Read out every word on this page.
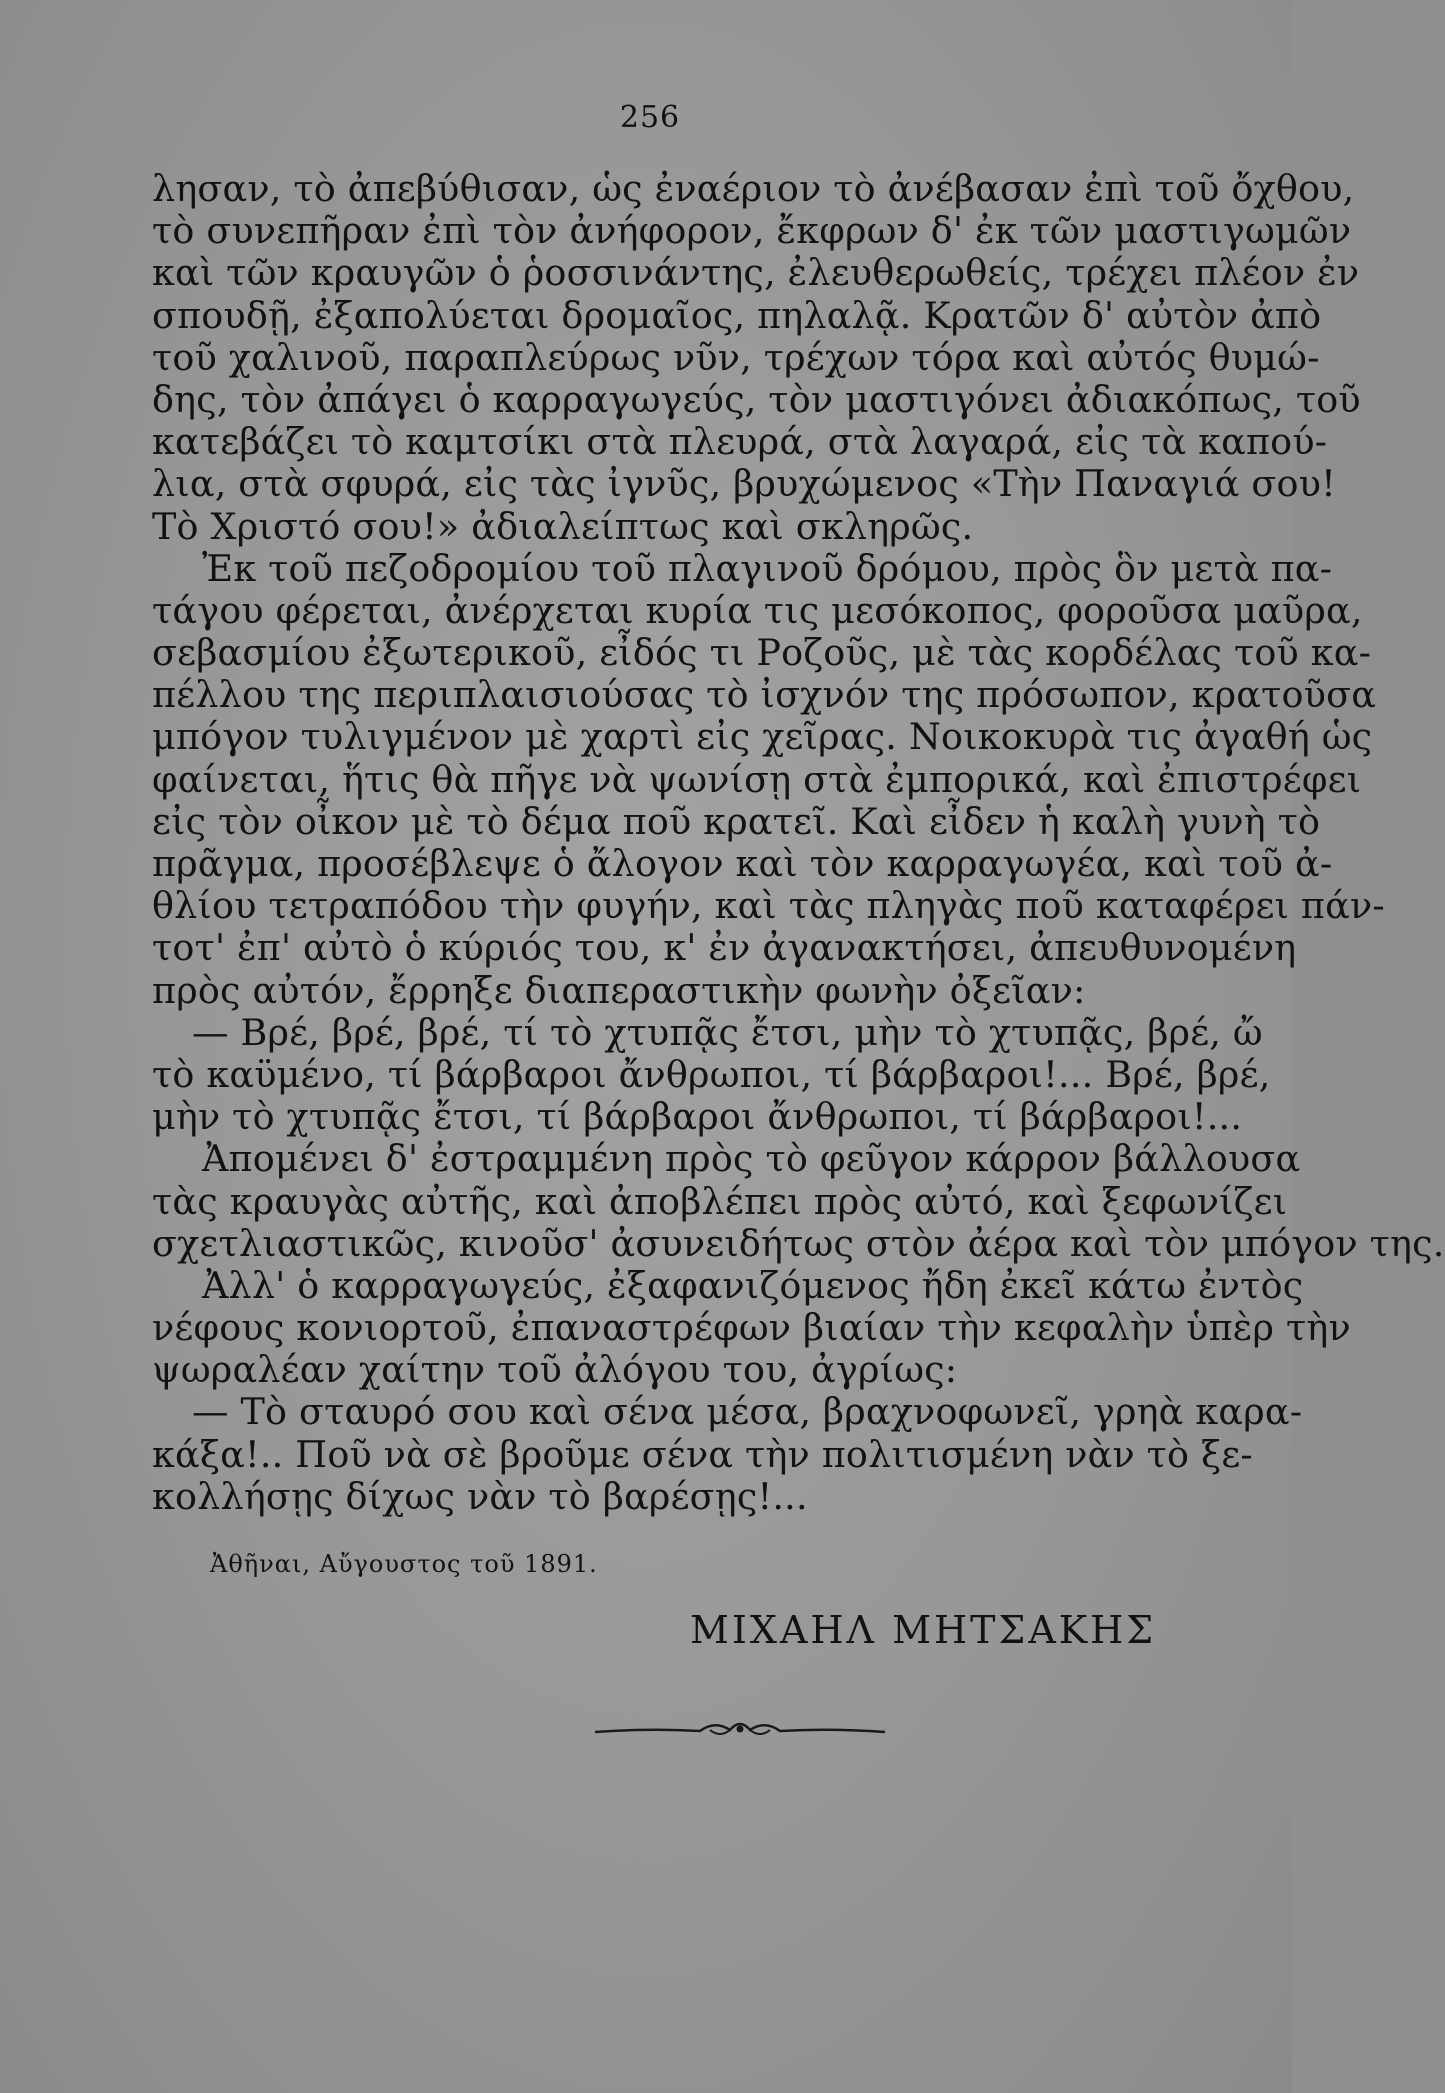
256
λησαν, τὸ ἀπεβύθισαν, ὡς ἐναέριον τὸ ἀνέβασαν ἐπὶ τοῦ ὄχθου,
τὸ συνεπῆραν ἐπὶ τὸν ἀνήφορον, ἔκφρων δ' ἐκ τῶν μαστιγωμῶν
καὶ τῶν κραυγῶν ὁ ῥοσσινάντης, ἐλευθερωθείς, τρέχει πλέον ἐν
σπουδῇ, ἐξαπολύεται δρομαῖος, πηλαλᾷ. Κρατῶν δ' αὐτὸν ἀπὸ
τοῦ χαλινοῦ, παραπλεύρως νῦν, τρέχων τόρα καὶ αὐτός θυμώ-
δης, τὸν ἀπάγει ὁ καρραγωγεύς, τὸν μαστιγόνει ἀδιακόπως, τοῦ
κατεβάζει τὸ καμτσίκι στὰ πλευρά, στὰ λαγαρά, εἰς τὰ καπού-
λια, στὰ σφυρά, εἰς τὰς ἰγνῦς, βρυχώμενος «Τὴν Παναγιά σου!
Τὸ Χριστό σου!» ἀδιαλείπτως καὶ σκληρῶς.
Ἐκ τοῦ πεζοδρομίου τοῦ πλαγινοῦ δρόμου, πρὸς ὃν μετὰ πα-
τάγου φέρεται, ἀνέρχεται κυρία τις μεσόκοπος, φοροῦσα μαῦρα,
σεβασμίου ἐξωτερικοῦ, εἶδός τι Ροζοῦς, μὲ τὰς κορδέλας τοῦ κα-
πέλλου της περιπλαισιούσας τὸ ἰσχνόν της πρόσωπον, κρατοῦσα
μπόγον τυλιγμένον μὲ χαρτὶ εἰς χεῖρας. Νοικοκυρὰ τις ἀγαθή ὡς
φαίνεται, ἥτις θὰ πῆγε νὰ ψωνίσῃ στὰ ἐμπορικά, καὶ ἐπιστρέφει
εἰς τὸν οἶκον μὲ τὸ δέμα ποῦ κρατεῖ. Καὶ εἶδεν ἡ καλὴ γυνὴ τὸ
πρᾶγμα, προσέβλεψε ὁ ἄλογον καὶ τὸν καρραγωγέα, καὶ τοῦ ἀ-
θλίου τετραπόδου τὴν φυγήν, καὶ τὰς πληγὰς ποῦ καταφέρει πάν-
τοτ' ἐπ' αὐτὸ ὁ κύριός του, κ' ἐν ἀγανακτήσει, ἀπευθυνομένη
πρὸς αὐτόν, ἔρρηξε διαπεραστικὴν φωνὴν ὀξεῖαν:
— Βρέ, βρέ, βρέ, τί τὸ χτυπᾷς ἔτσι, μὴν τὸ χτυπᾷς, βρέ, ὤ
τὸ καϋμένο, τί βάρβαροι ἄνθρωποι, τί βάρβαροι!... Βρέ, βρέ,
μὴν τὸ χτυπᾷς ἔτσι, τί βάρβαροι ἄνθρωποι, τί βάρβαροι!...
Ἀπομένει δ' ἐστραμμένη πρὸς τὸ φεῦγον κάρρον βάλλουσα
τὰς κραυγὰς αὐτῆς, καὶ ἀποβλέπει πρὸς αὐτό, καὶ ξεφωνίζει
σχετλιαστικῶς, κινοῦσ' ἀσυνειδήτως στὸν ἀέρα καὶ τὸν μπόγον της.
Ἀλλ' ὁ καρραγωγεύς, ἐξαφανιζόμενος ἤδη ἐκεῖ κάτω ἐντὸς
νέφους κονιορτοῦ, ἐπαναστρέφων βιαίαν τὴν κεφαλὴν ὑπὲρ τὴν
ψωραλέαν χαίτην τοῦ ἀλόγου του, ἀγρίως:
— Τὸ σταυρό σου καὶ σένα μέσα, βραχνοφωνεῖ, γρηὰ καρα-
κάξα!.. Ποῦ νὰ σὲ βροῦμε σένα τὴν πολιτισμένη νὰν τὸ ξε-
κολλήσῃς δίχως νὰν τὸ βαρέσῃς!...
Ἀθῆναι, Αὔγουστος τοῦ 1891.
ΜΙΧΑΗΛ ΜΗΤΣΑΚΗΣ
